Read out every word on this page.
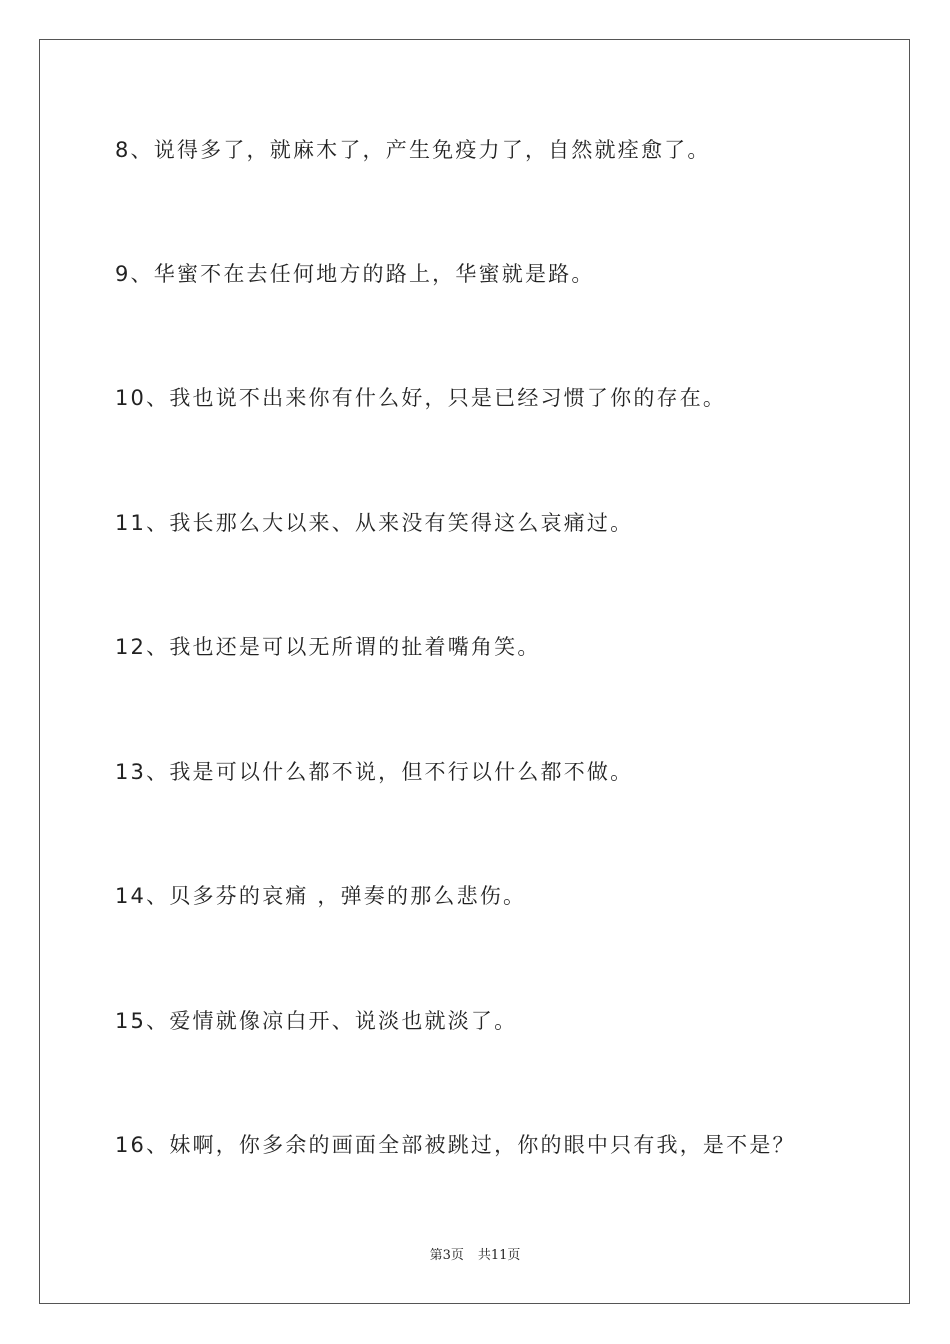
8、说得多了，就麻木了，产生免疫力了，自然就痊愈了。
9、华蜜不在去任何地方的路上，华蜜就是路。
10、我也说不出来你有什么好，只是已经习惯了你的存在。
11、我长那么大以来、从来没有笑得这么哀痛过。
12、我也还是可以无所谓的扯着嘴角笑。
13、我是可以什么都不说，但不行以什么都不做。
14、贝多芬的哀痛 ，弹奏的那么悲伤。
15、爱情就像凉白开、说淡也就淡了。
16、妹啊，你多余的画面全部被跳过，你的眼中只有我，是不是？
第3页 共11页
